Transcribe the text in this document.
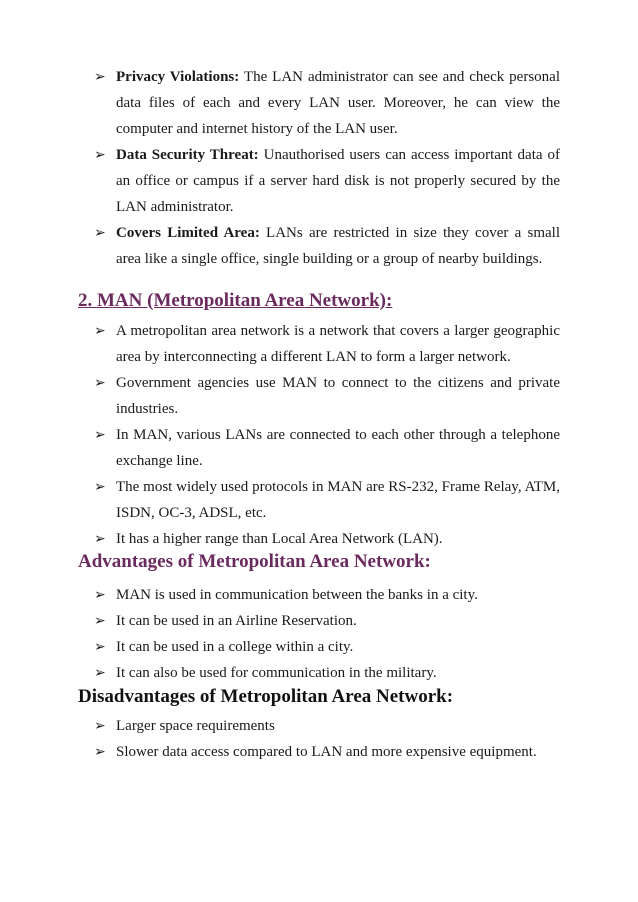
➢ Privacy Violations: The LAN administrator can see and check personal data files of each and every LAN user. Moreover, he can view the computer and internet history of the LAN user.
➢ Data Security Threat: Unauthorised users can access important data of an office or campus if a server hard disk is not properly secured by the LAN administrator.
➢ Covers Limited Area: LANs are restricted in size they cover a small area like a single office, single building or a group of nearby buildings.
2. MAN (Metropolitan Area Network):
➢ A metropolitan area network is a network that covers a larger geographic area by interconnecting a different LAN to form a larger network.
➢ Government agencies use MAN to connect to the citizens and private industries.
➢ In MAN, various LANs are connected to each other through a telephone exchange line.
➢ The most widely used protocols in MAN are RS-232, Frame Relay, ATM, ISDN, OC-3, ADSL, etc.
➢ It has a higher range than Local Area Network (LAN).
Advantages of Metropolitan Area Network:
➢ MAN is used in communication between the banks in a city.
➢ It can be used in an Airline Reservation.
➢ It can be used in a college within a city.
➢ It can also be used for communication in the military.
Disadvantages of Metropolitan Area Network:
➢ Larger space requirements
➢ Slower data access compared to LAN and more expensive equipment.
